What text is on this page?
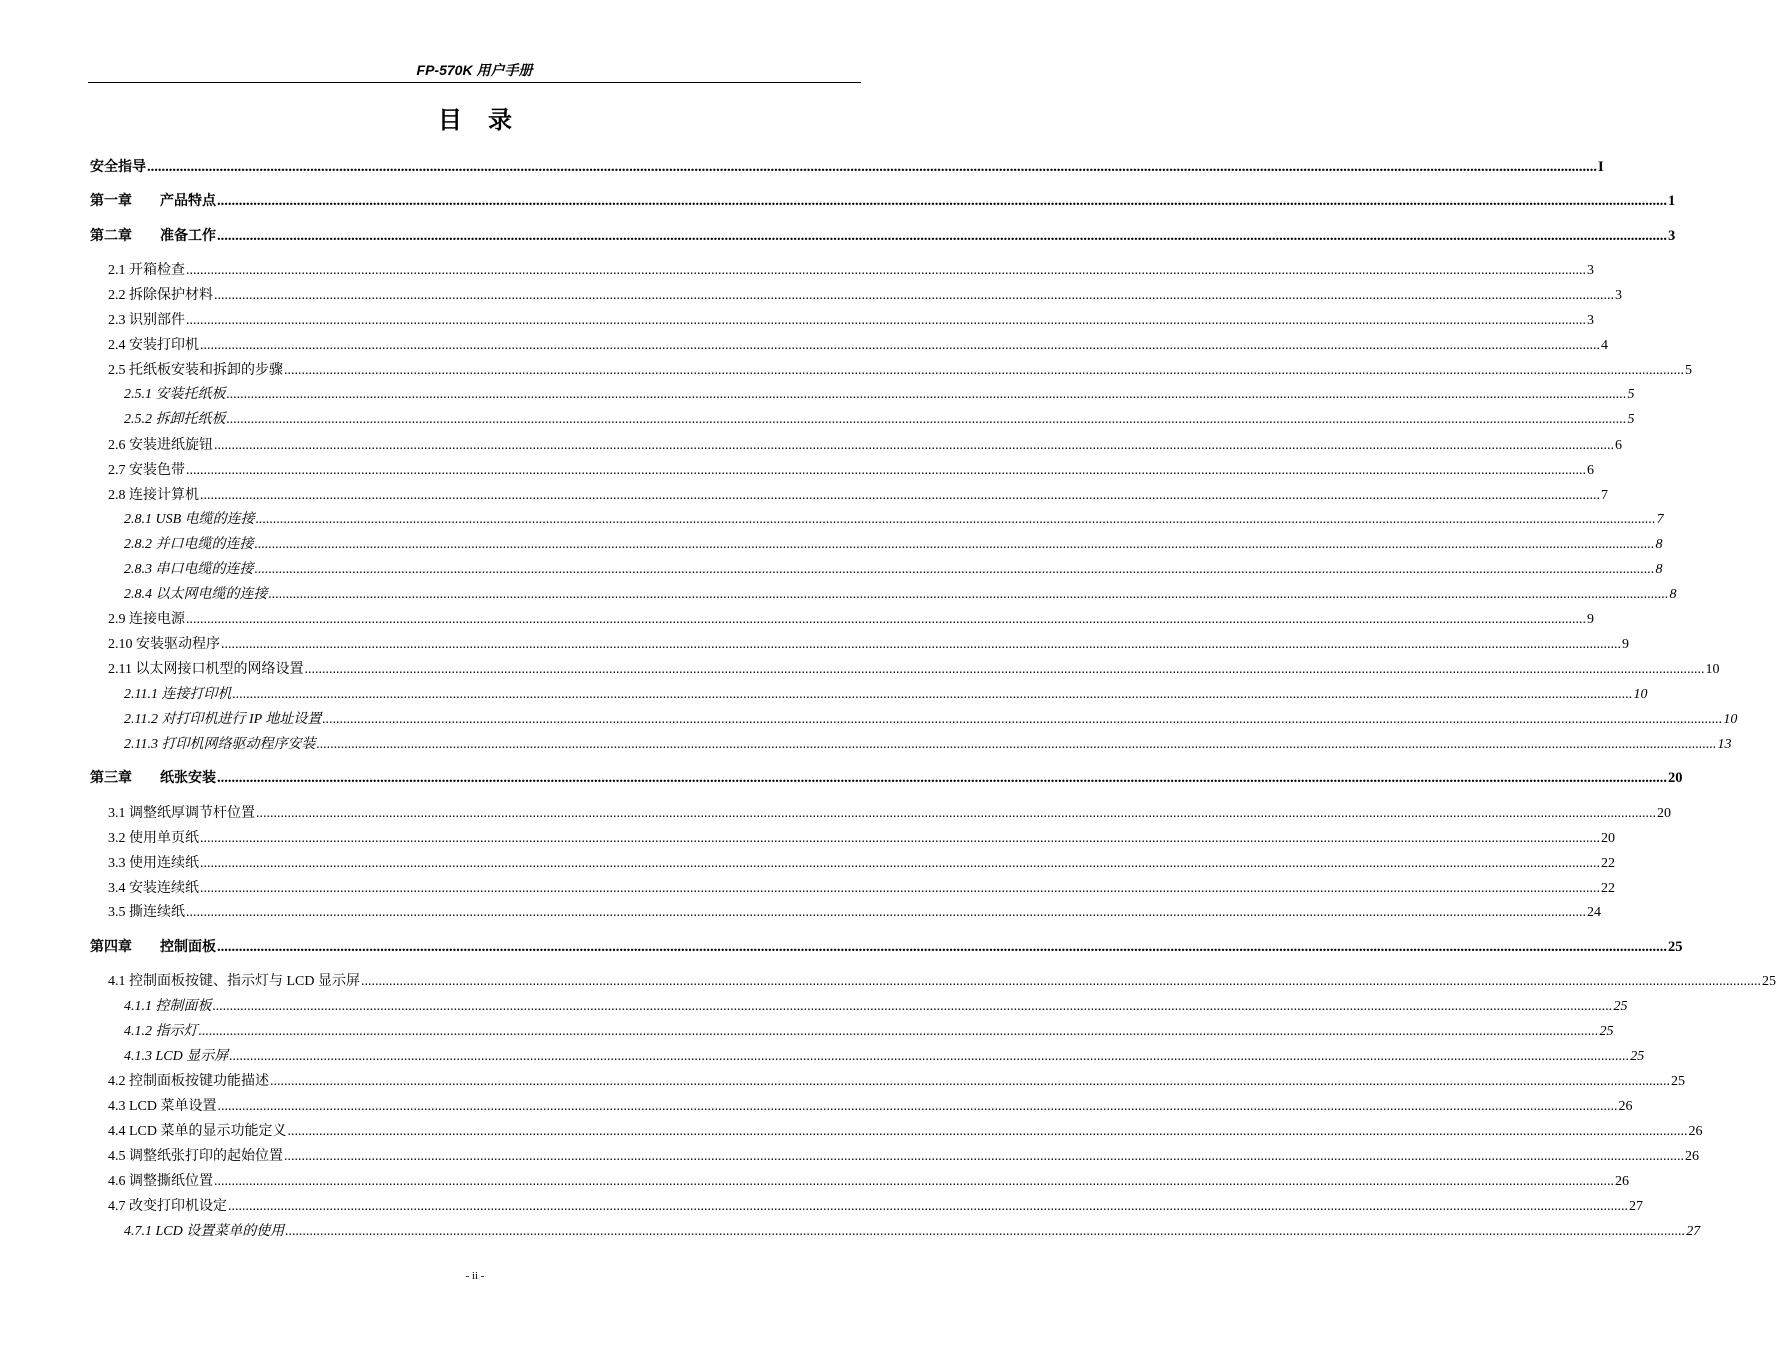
FP-570K 用户手册
目录
安全指导 ................................................................................................................................................................................................................................................................................................................................................................................................................ I
第一章　　产品特点 ................................................................................................................................................................................................................................................................................................................................................................................................................ 1
第二章　　准备工作 ................................................................................................................................................................................................................................................................................................................................................................................................................ 3
2.1 开箱检查 ................................................................................................................................................................................................................................................................................................................................................................................................................ 3
2.2 拆除保护材料 ................................................................................................................................................................................................................................................................................................................................................................................................................ 3
2.3 识别部件 ................................................................................................................................................................................................................................................................................................................................................................................................................ 3
2.4 安装打印机 ................................................................................................................................................................................................................................................................................................................................................................................................................ 4
2.5 托纸板安装和拆卸的步骤 ................................................................................................................................................................................................................................................................................................................................................................................................................ 5
2.5.1 安装托纸板 ................................................................................................................................................................................................................................................................................................................................................................................................................ 5
2.5.2 拆卸托纸板 ................................................................................................................................................................................................................................................................................................................................................................................................................ 5
2.6 安装进纸旋钮 ................................................................................................................................................................................................................................................................................................................................................................................................................ 6
2.7 安装色带 ................................................................................................................................................................................................................................................................................................................................................................................................................ 6
2.8 连接计算机 ................................................................................................................................................................................................................................................................................................................................................................................................................ 7
2.8.1 USB 电缆的连接 ................................................................................................................................................................................................................................................................................................................................................................................................................ 7
2.8.2 并口电缆的连接 ................................................................................................................................................................................................................................................................................................................................................................................................................ 8
2.8.3 串口电缆的连接 ................................................................................................................................................................................................................................................................................................................................................................................................................ 8
2.8.4 以太网电缆的连接 ................................................................................................................................................................................................................................................................................................................................................................................................................ 8
2.9 连接电源 ................................................................................................................................................................................................................................................................................................................................................................................................................ 9
2.10 安装驱动程序 ................................................................................................................................................................................................................................................................................................................................................................................................................ 9
2.11 以太网接口机型的网络设置 ................................................................................................................................................................................................................................................................................................................................................................................................................ 10
2.11.1 连接打印机 ................................................................................................................................................................................................................................................................................................................................................................................................................ 10
2.11.2 对打印机进行 IP 地址设置 ................................................................................................................................................................................................................................................................................................................................................................................................................ 10
2.11.3 打印机网络驱动程序安装 ................................................................................................................................................................................................................................................................................................................................................................................................................ 13
第三章　　纸张安装 ................................................................................................................................................................................................................................................................................................................................................................................................................ 20
3.1 调整纸厚调节杆位置 ................................................................................................................................................................................................................................................................................................................................................................................................................ 20
3.2 使用单页纸 ................................................................................................................................................................................................................................................................................................................................................................................................................ 20
3.3 使用连续纸 ................................................................................................................................................................................................................................................................................................................................................................................................................ 22
3.4 安装连续纸 ................................................................................................................................................................................................................................................................................................................................................................................................................ 22
3.5 撕连续纸 ................................................................................................................................................................................................................................................................................................................................................................................................................ 24
第四章　　控制面板 ................................................................................................................................................................................................................................................................................................................................................................................................................ 25
4.1 控制面板按键、指示灯与 LCD 显示屏 ................................................................................................................................................................................................................................................................................................................................................................................................................ 25
4.1.1 控制面板 ................................................................................................................................................................................................................................................................................................................................................................................................................ 25
4.1.2 指示灯 ................................................................................................................................................................................................................................................................................................................................................................................................................ 25
4.1.3 LCD 显示屏 ................................................................................................................................................................................................................................................................................................................................................................................................................ 25
4.2 控制面板按键功能描述 ................................................................................................................................................................................................................................................................................................................................................................................................................ 25
4.3 LCD 菜单设置 ................................................................................................................................................................................................................................................................................................................................................................................................................ 26
4.4 LCD 菜单的显示功能定义 ................................................................................................................................................................................................................................................................................................................................................................................................................ 26
4.5 调整纸张打印的起始位置 ................................................................................................................................................................................................................................................................................................................................................................................................................ 26
4.6 调整撕纸位置 ................................................................................................................................................................................................................................................................................................................................................................................................................ 26
4.7 改变打印机设定 ................................................................................................................................................................................................................................................................................................................................................................................................................ 27
4.7.1 LCD 设置菜单的使用 ................................................................................................................................................................................................................................................................................................................................................................................................................ 27
- ii -
